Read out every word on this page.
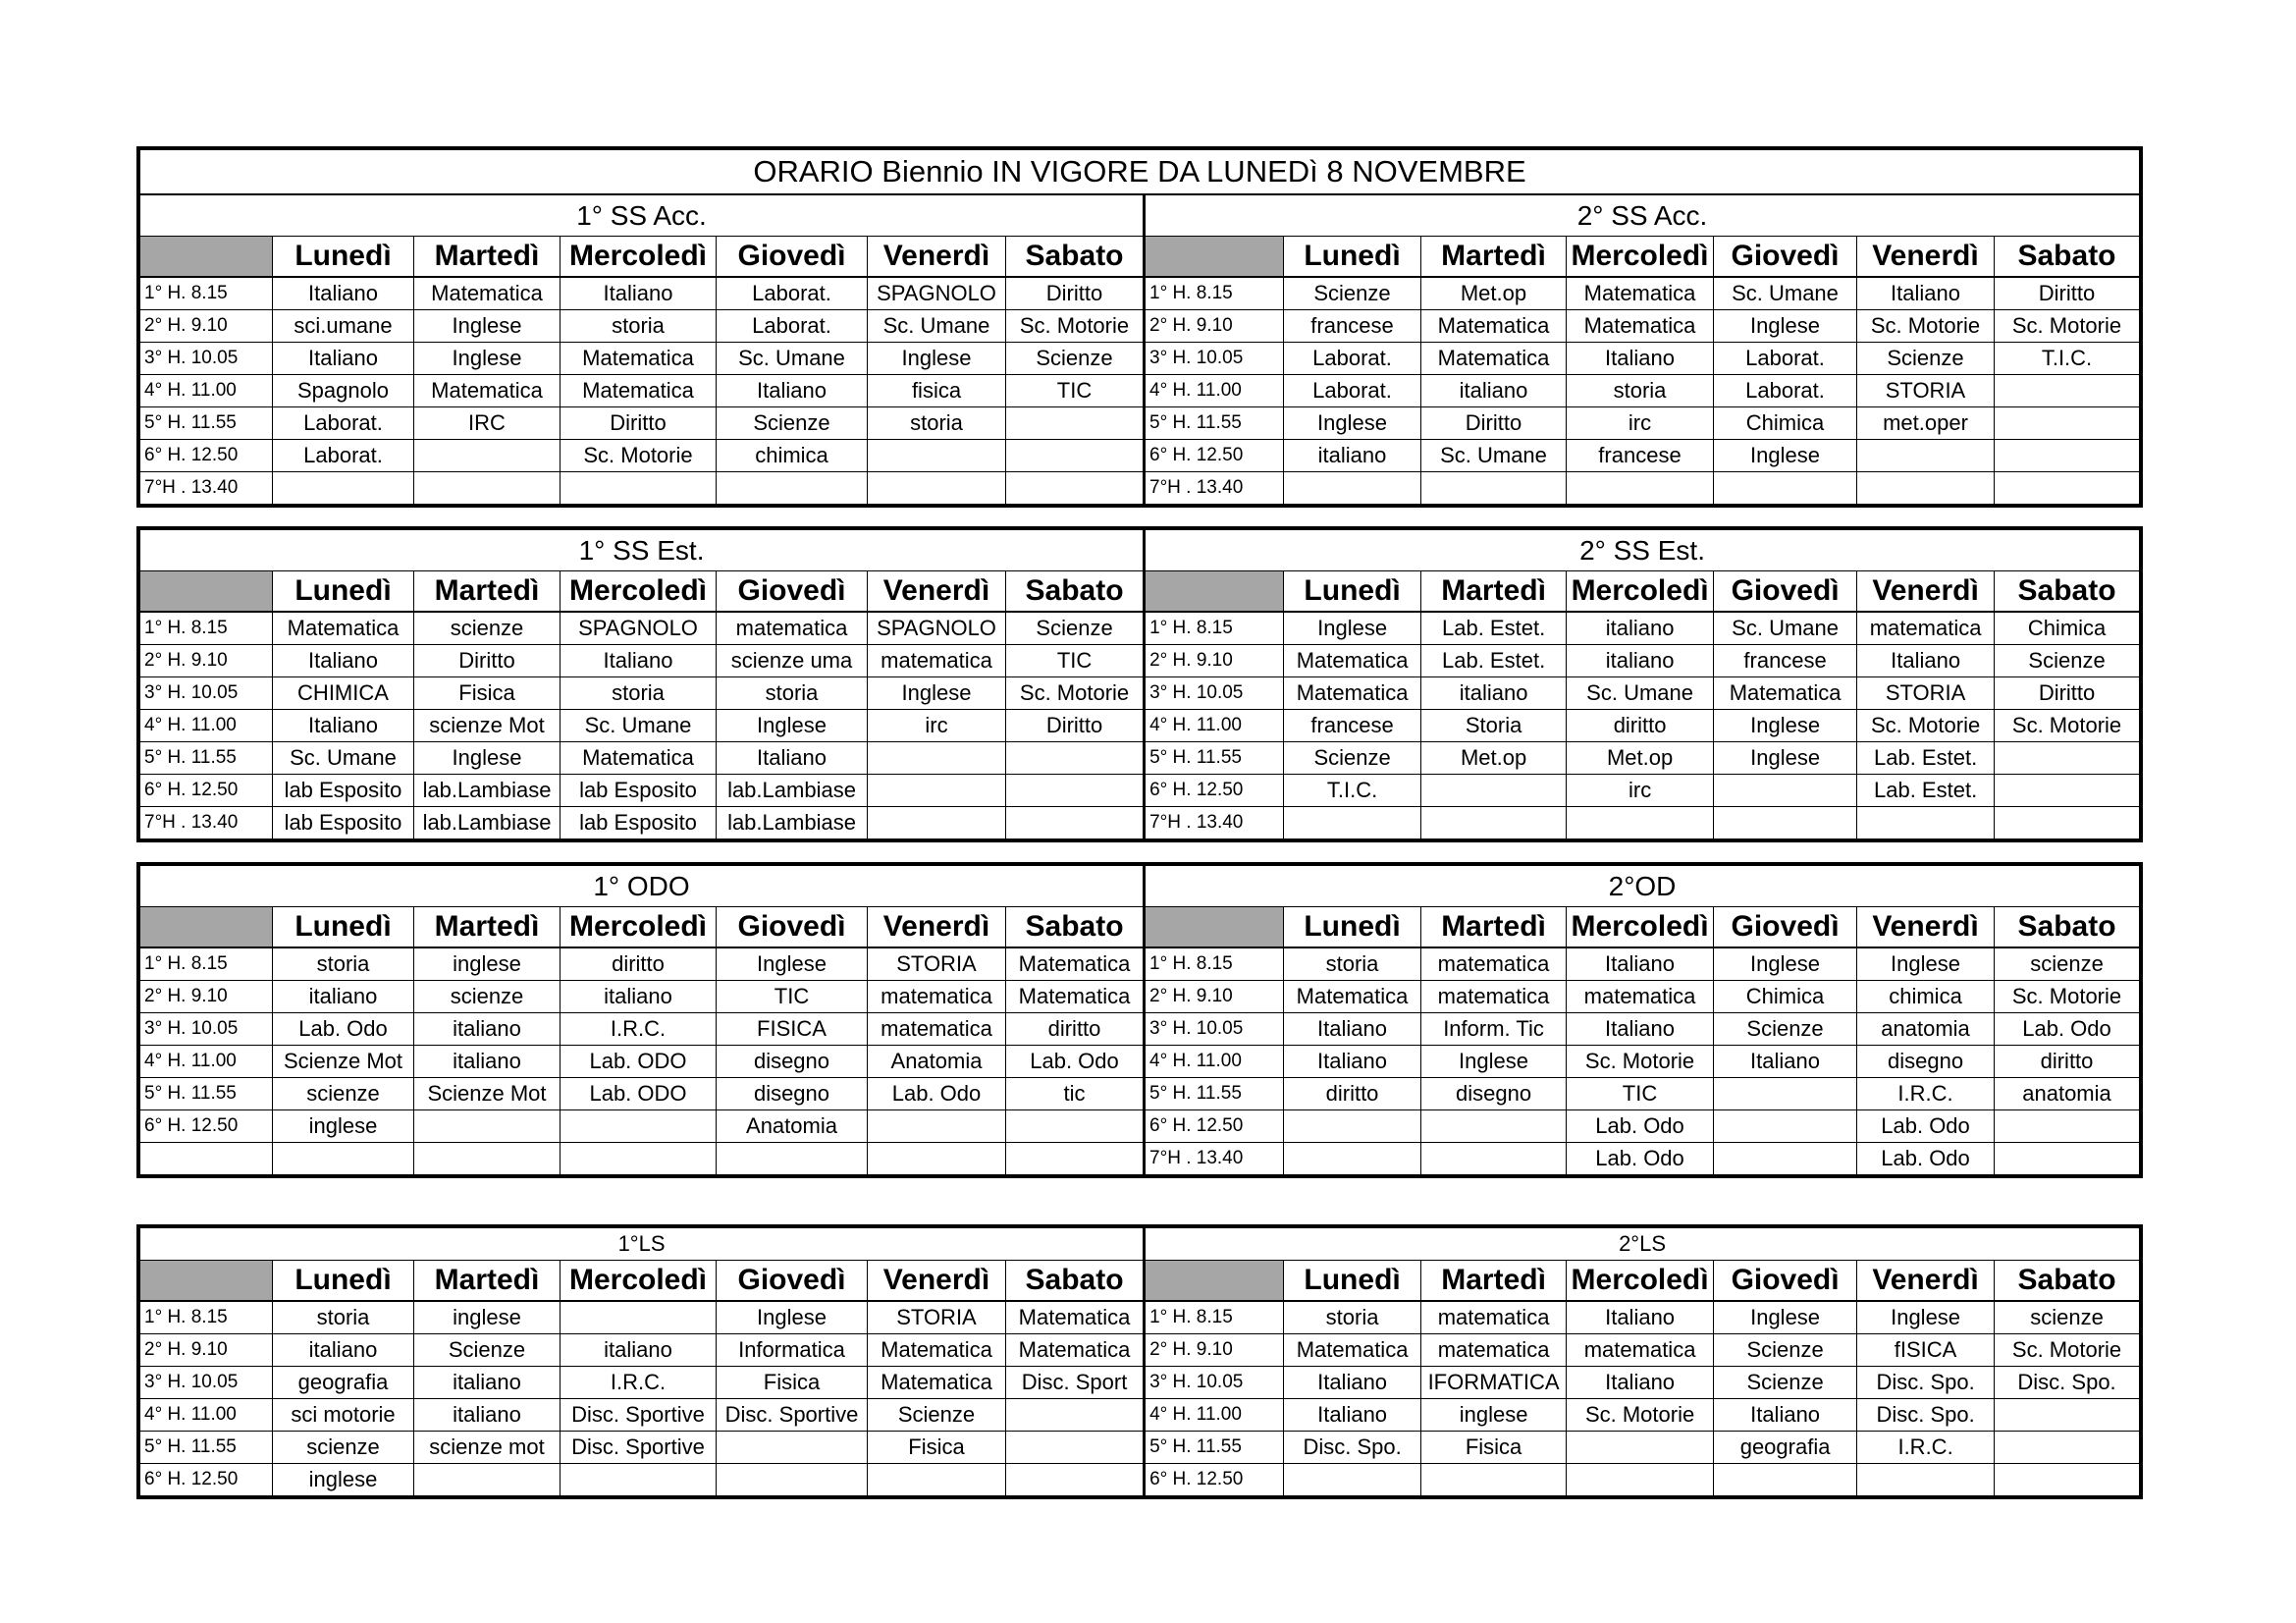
ORARIO Biennio IN VIGORE DA LUNEDì 8 NOVEMBRE													
1° SS Acc.							2° SS Acc.						
	Lunedì	Martedì	Mercoledì	Giovedì	Venerdì	Sabato		Lunedì	Martedì	Mercoledì	Giovedì	Venerdì	Sabato
1° H. 8.15	Italiano	Matematica	Italiano	Laborat.	SPAGNOLO	Diritto	1° H. 8.15	Scienze	Met.op	Matematica	Sc. Umane	Italiano	Diritto
2° H. 9.10	sci.umane	Inglese	storia	Laborat.	Sc. Umane	Sc. Motorie	2° H. 9.10	francese	Matematica	Matematica	Inglese	Sc. Motorie	Sc. Motorie
3° H. 10.05	Italiano	Inglese	Matematica	Sc. Umane	Inglese	Scienze	3° H. 10.05	Laborat.	Matematica	Italiano	Laborat.	Scienze	T.I.C.
4° H. 11.00	Spagnolo	Matematica	Matematica	Italiano	fisica	TIC	4° H. 11.00	Laborat.	italiano	storia	Laborat.	STORIA	
5° H. 11.55	Laborat.	IRC	Diritto	Scienze	storia		5° H. 11.55	Inglese	Diritto	irc	Chimica	met.oper	
6° H. 12.50	Laborat.		Sc. Motorie	chimica			6° H. 12.50	italiano	Sc. Umane	francese	Inglese		
7°H . 13.40							7°H . 13.40						
1° SS Est.							2° SS Est.						
	Lunedì	Martedì	Mercoledì	Giovedì	Venerdì	Sabato		Lunedì	Martedì	Mercoledì	Giovedì	Venerdì	Sabato
1° H. 8.15	Matematica	scienze	SPAGNOLO	matematica	SPAGNOLO	Scienze	1° H. 8.15	Inglese	Lab. Estet.	italiano	Sc. Umane	matematica	Chimica
2° H. 9.10	Italiano	Diritto	Italiano	scienze uma	matematica	TIC	2° H. 9.10	Matematica	Lab. Estet.	italiano	francese	Italiano	Scienze
3° H. 10.05	CHIMICA	Fisica	storia	storia	Inglese	Sc. Motorie	3° H. 10.05	Matematica	italiano	Sc. Umane	Matematica	STORIA	Diritto
4° H. 11.00	Italiano	scienze Mot	Sc. Umane	Inglese	irc	Diritto	4° H. 11.00	francese	Storia	diritto	Inglese	Sc. Motorie	Sc. Motorie
5° H. 11.55	Sc. Umane	Inglese	Matematica	Italiano			5° H. 11.55	Scienze	Met.op	Met.op	Inglese	Lab. Estet.	
6° H. 12.50	lab Esposito	lab.Lambiase	lab Esposito	lab.Lambiase			6° H. 12.50	T.I.C.		irc		Lab. Estet.	
7°H . 13.40	lab Esposito	lab.Lambiase	lab Esposito	lab.Lambiase			7°H . 13.40						
1° ODO							2°OD						
	Lunedì	Martedì	Mercoledì	Giovedì	Venerdì	Sabato		Lunedì	Martedì	Mercoledì	Giovedì	Venerdì	Sabato
1° H. 8.15	storia	inglese	diritto	Inglese	STORIA	Matematica	1° H. 8.15	storia	matematica	Italiano	Inglese	Inglese	scienze
2° H. 9.10	italiano	scienze	italiano	TIC	matematica	Matematica	2° H. 9.10	Matematica	matematica	matematica	Chimica	chimica	Sc. Motorie
3° H. 10.05	Lab. Odo	italiano	I.R.C.	FISICA	matematica	diritto	3° H. 10.05	Italiano	Inform. Tic	Italiano	Scienze	anatomia	Lab. Odo
4° H. 11.00	Scienze Mot	italiano	Lab. ODO	disegno	Anatomia	Lab. Odo	4° H. 11.00	Italiano	Inglese	Sc. Motorie	Italiano	disegno	diritto
5° H. 11.55	scienze	Scienze Mot	Lab. ODO	disegno	Lab. Odo	tic	5° H. 11.55	diritto	disegno	TIC		I.R.C.	anatomia
6° H. 12.50	inglese			Anatomia			6° H. 12.50			Lab. Odo		Lab. Odo	
							7°H . 13.40			Lab. Odo		Lab. Odo	
1°LS							2°LS						
	Lunedì	Martedì	Mercoledì	Giovedì	Venerdì	Sabato		Lunedì	Martedì	Mercoledì	Giovedì	Venerdì	Sabato
1° H. 8.15	storia	inglese		Inglese	STORIA	Matematica	1° H. 8.15	storia	matematica	Italiano	Inglese	Inglese	scienze
2° H. 9.10	italiano	Scienze	italiano	Informatica	Matematica	Matematica	2° H. 9.10	Matematica	matematica	matematica	Scienze	fISICA	Sc. Motorie
3° H. 10.05	geografia	italiano	I.R.C.	Fisica	Matematica	Disc. Sport	3° H. 10.05	Italiano	IFORMATICA	Italiano	Scienze	Disc. Spo.	Disc. Spo.
4° H. 11.00	sci motorie	italiano	Disc. Sportive	Disc. Sportive	Scienze		4° H. 11.00	Italiano	inglese	Sc. Motorie	Italiano	Disc. Spo.	
5° H. 11.55	scienze	scienze mot	Disc. Sportive		Fisica		5° H. 11.55	Disc. Spo.	Fisica		geografia	I.R.C.	
6° H. 12.50	inglese						6° H. 12.50						
